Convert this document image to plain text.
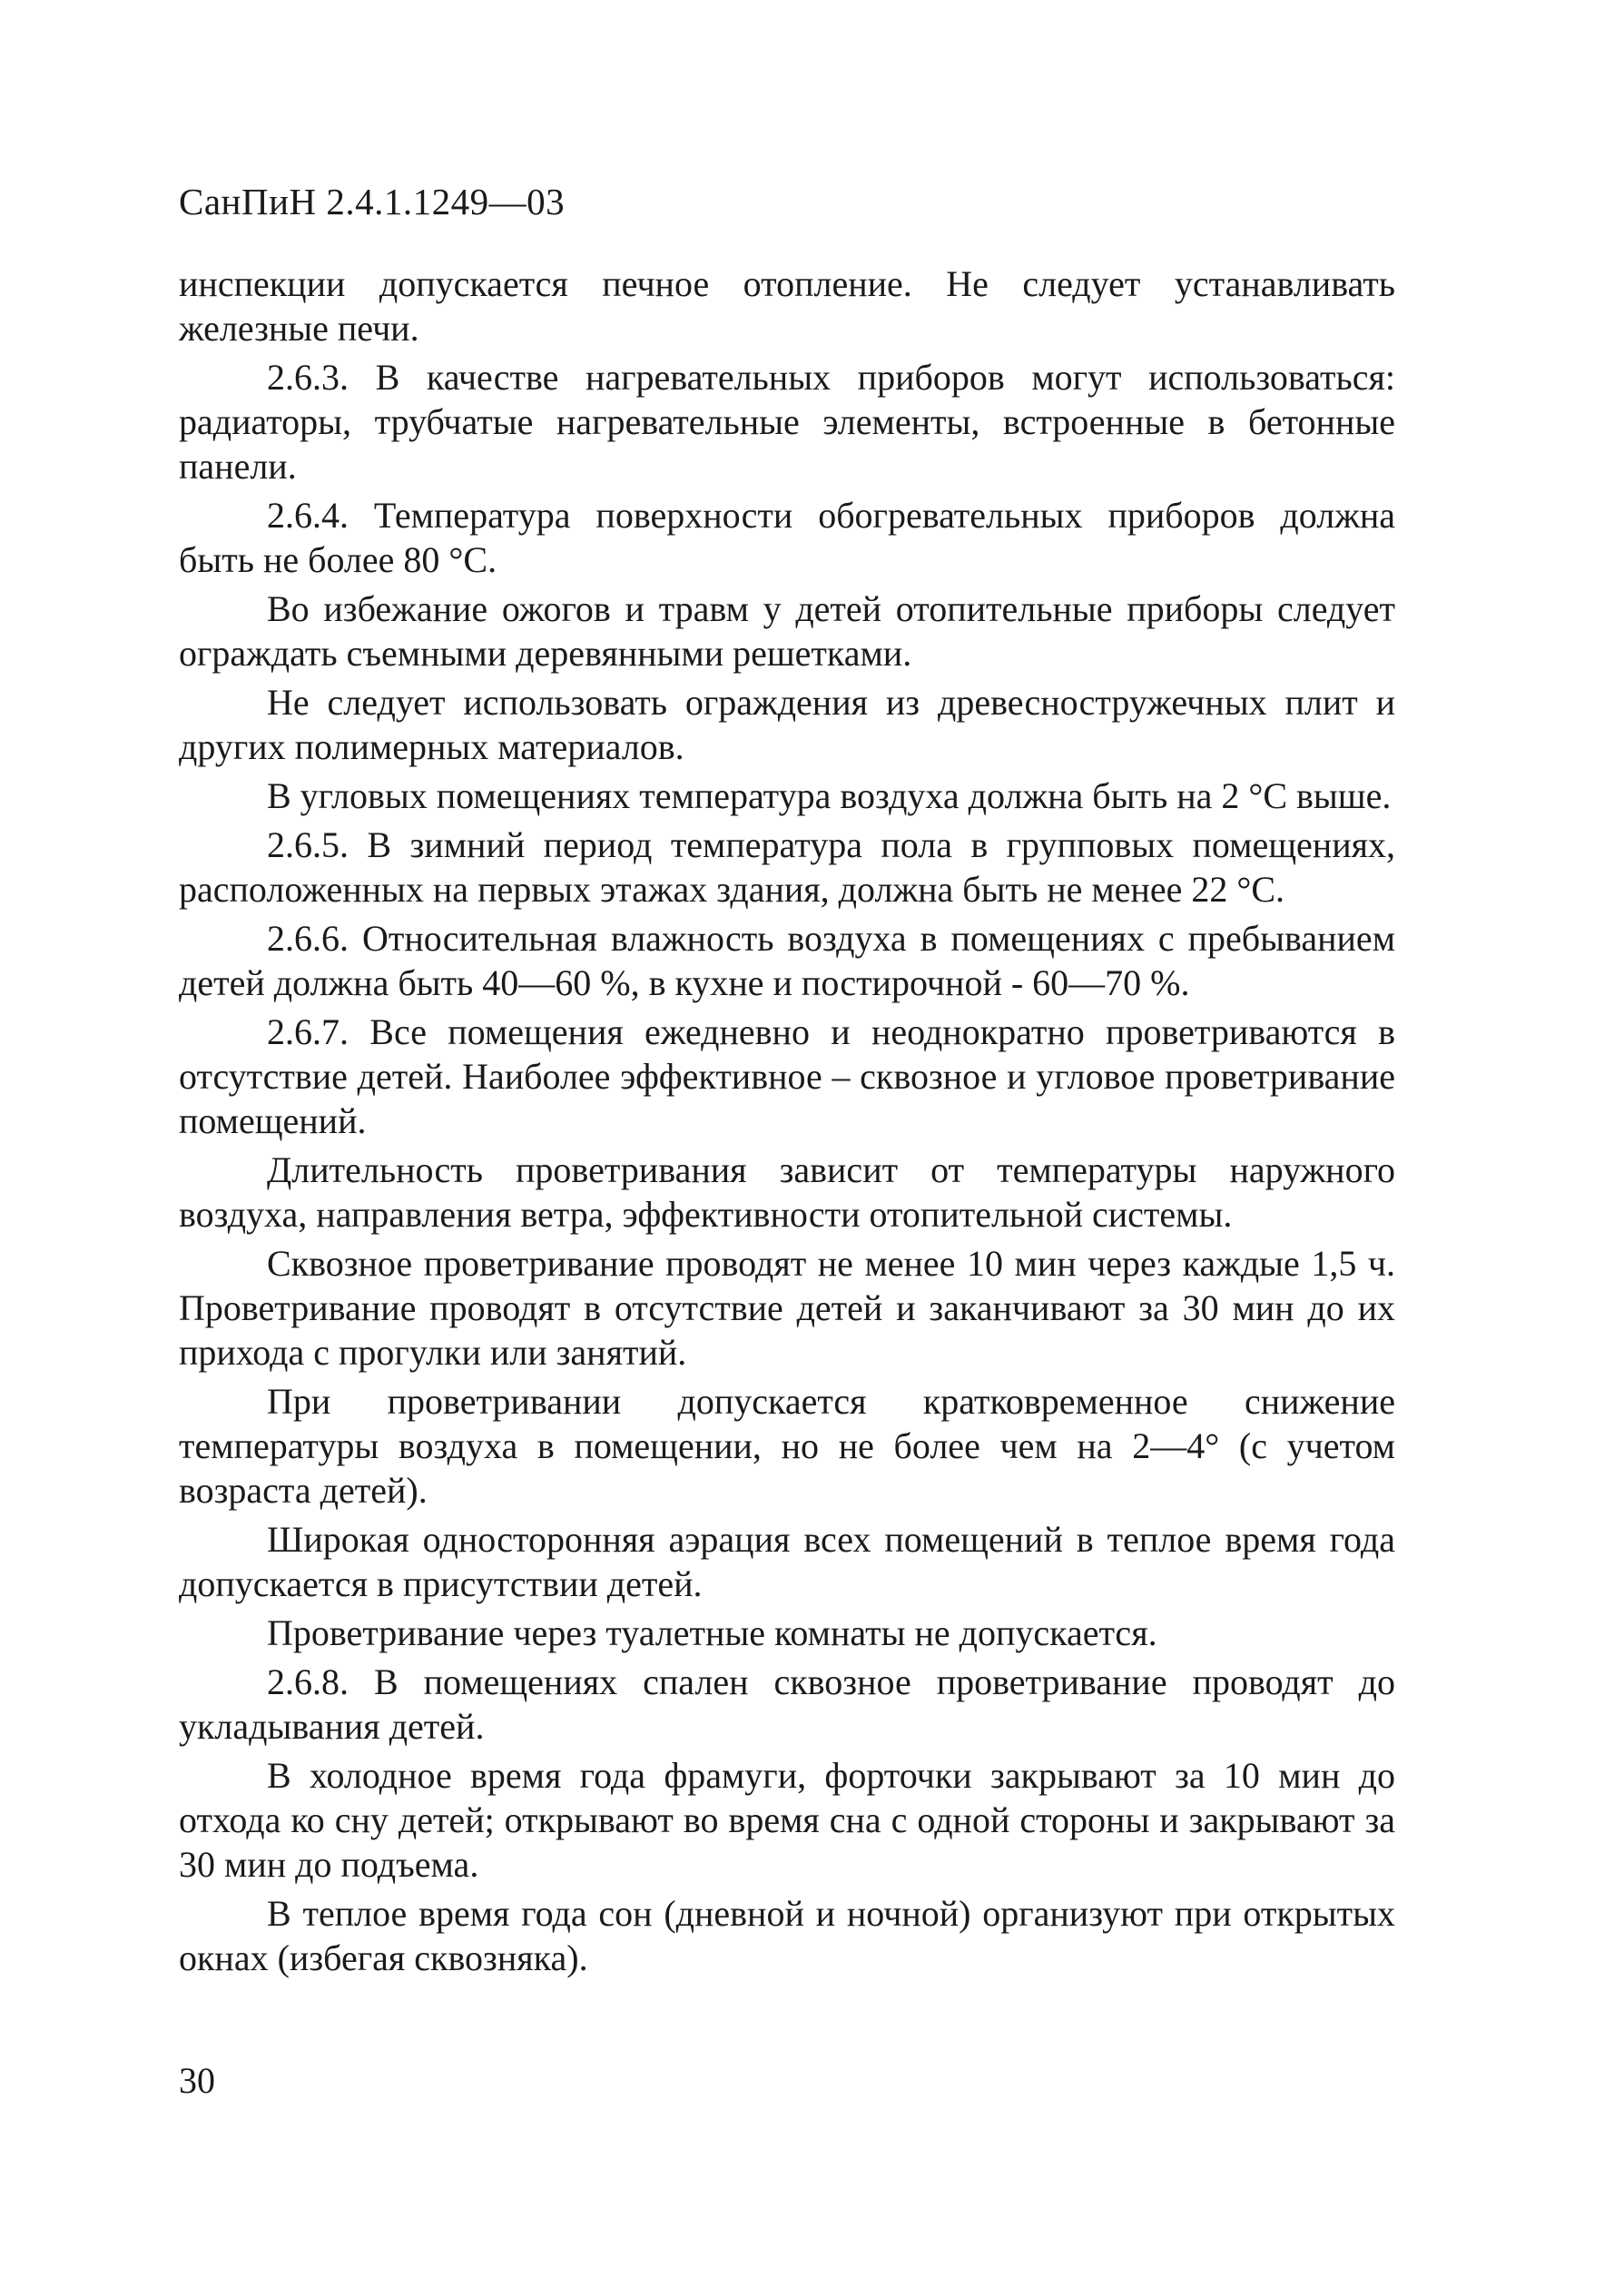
СанПиН 2.4.1.1249—03

инспекции допускается печное отопление. Не следует устанавливать железные печи.

2.6.3. В качестве нагревательных приборов могут использоваться: радиаторы, трубчатые нагревательные элементы, встроенные в бетонные панели.

2.6.4. Температура поверхности обогревательных приборов должна быть не более 80 °С.

Во избежание ожогов и травм у детей отопительные приборы следует ограждать съемными деревянными решетками.

Не следует использовать ограждения из древесностружечных плит и других полимерных материалов.

В угловых помещениях температура воздуха должна быть на 2 °С выше.

2.6.5. В зимний период температура пола в групповых помещениях, расположенных на первых этажах здания, должна быть не менее 22 °С.

2.6.6. Относительная влажность воздуха в помещениях с пребыванием детей должна быть 40—60 %, в кухне и постирочной - 60—70 %.

2.6.7. Все помещения ежедневно и неоднократно проветриваются в отсутствие детей. Наиболее эффективное – сквозное и угловое проветривание помещений.

Длительность проветривания зависит от температуры наружного воздуха, направления ветра, эффективности отопительной системы.

Сквозное проветривание проводят не менее 10 мин через каждые 1,5 ч. Проветривание проводят в отсутствие детей и заканчивают за 30 мин до их прихода с прогулки или занятий.

При проветривании допускается кратковременное снижение температуры воздуха в помещении, но не более чем на 2—4° (с учетом возраста детей).

Широкая односторонняя аэрация всех помещений в теплое время года допускается в присутствии детей.

Проветривание через туалетные комнаты не допускается.

2.6.8. В помещениях спален сквозное проветривание проводят до укладывания детей.

В холодное время года фрамуги, форточки закрывают за 10 мин до отхода ко сну детей; открывают во время сна с одной стороны и закрывают за 30 мин до подъема.

В теплое время года сон (дневной и ночной) организуют при открытых окнах (избегая сквозняка).

30
